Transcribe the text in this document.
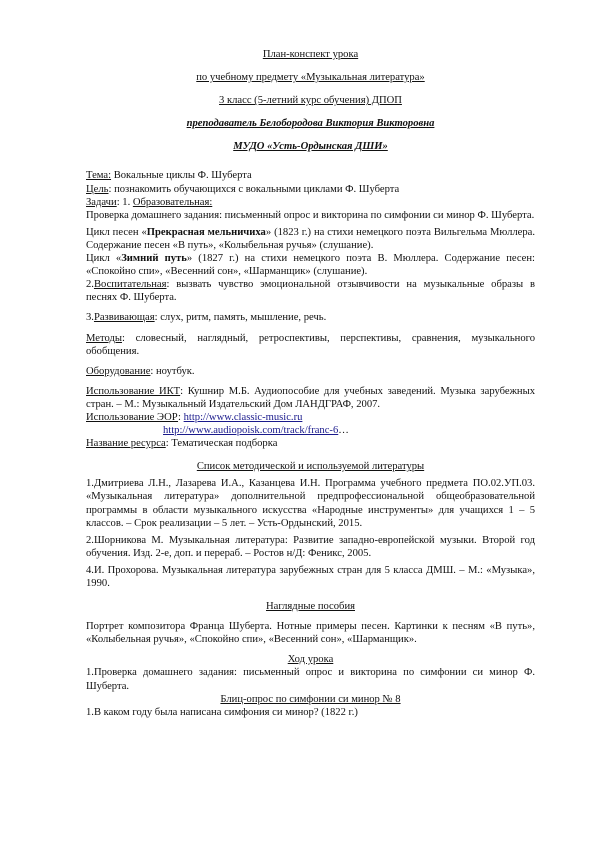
План-конспект урока

по учебному предмету «Музыкальная литература»

3 класс (5-летний курс обучения) ДПОП

преподаватель Белобородова Виктория Викторовна

МУДО «Усть-Ордынская ДШИ»

Тема: Вокальные циклы Ф. Шуберта

Цель: познакомить обучающихся с вокальными циклами Ф. Шуберта

Задачи: 1. Образовательная:

Проверка домашнего задания: письменный опрос и викторина по симфонии си минор Ф. Шуберта.

Цикл песен «Прекрасная мельничиха» (1823 г.) на стихи немецкого поэта Вильгельма Мюллера. Содержание песен «В путь», «Колыбельная ручья» (слушание).

Цикл «Зимний путь» (1827 г.) на стихи немецкого поэта В. Мюллера. Содержание песен: «Спокойно спи», «Весенний сон», «Шарманщик» (слушание).

2.Воспитательная: вызвать чувство эмоциональной отзывчивости на музыкальные образы в песнях Ф. Шуберта.

3.Развивающая: слух, ритм, память, мышление, речь.

Методы: словесный, наглядный, ретроспективы, перспективы, сравнения, музыкального обобщения.

Оборудование: ноутбук.

Использование ИКТ: Кушнир М.Б. Аудиопособие для учебных заведений. Музыка зарубежных стран. – М.: Музыкальный Издательский Дом ЛАНДГРАФ, 2007.

Использование ЭОР: http://www.classic-music.ru

http://www.audiopoisk.com/track/franc-6…

Название ресурса: Тематическая подборка

Список методической и используемой литературы

1.Дмитриева Л.Н., Лазарева И.А., Казанцева И.Н. Программа учебного предмета ПО.02.УП.03. «Музыкальная литература» дополнительной предпрофессиональной общеобразовательной программы в области музыкального искусства «Народные инструменты» для учащихся 1 – 5 классов. – Срок реализации – 5 лет. – Усть-Ордынский, 2015.

2.Шорникова М. Музыкальная литература: Развитие западно-европейской музыки. Второй год обучения. Изд. 2-е, доп. и перераб. – Ростов н/Д: Феникс, 2005.

4.И. Прохорова. Музыкальная литература зарубежных стран для 5 класса ДМШ. – М.: «Музыка», 1990.

Наглядные пособия

Портрет композитора Франца Шуберта. Нотные примеры песен. Картинки к песням «В путь», «Колыбельная ручья», «Спокойно спи», «Весенний сон», «Шарманщик».

Ход урока

1.Проверка домашнего задания: письменный опрос и викторина по симфонии си минор Ф. Шуберта.

Блиц-опрос по симфонии си минор № 8

1.В каком году была написана симфония си минор? (1822 г.)
